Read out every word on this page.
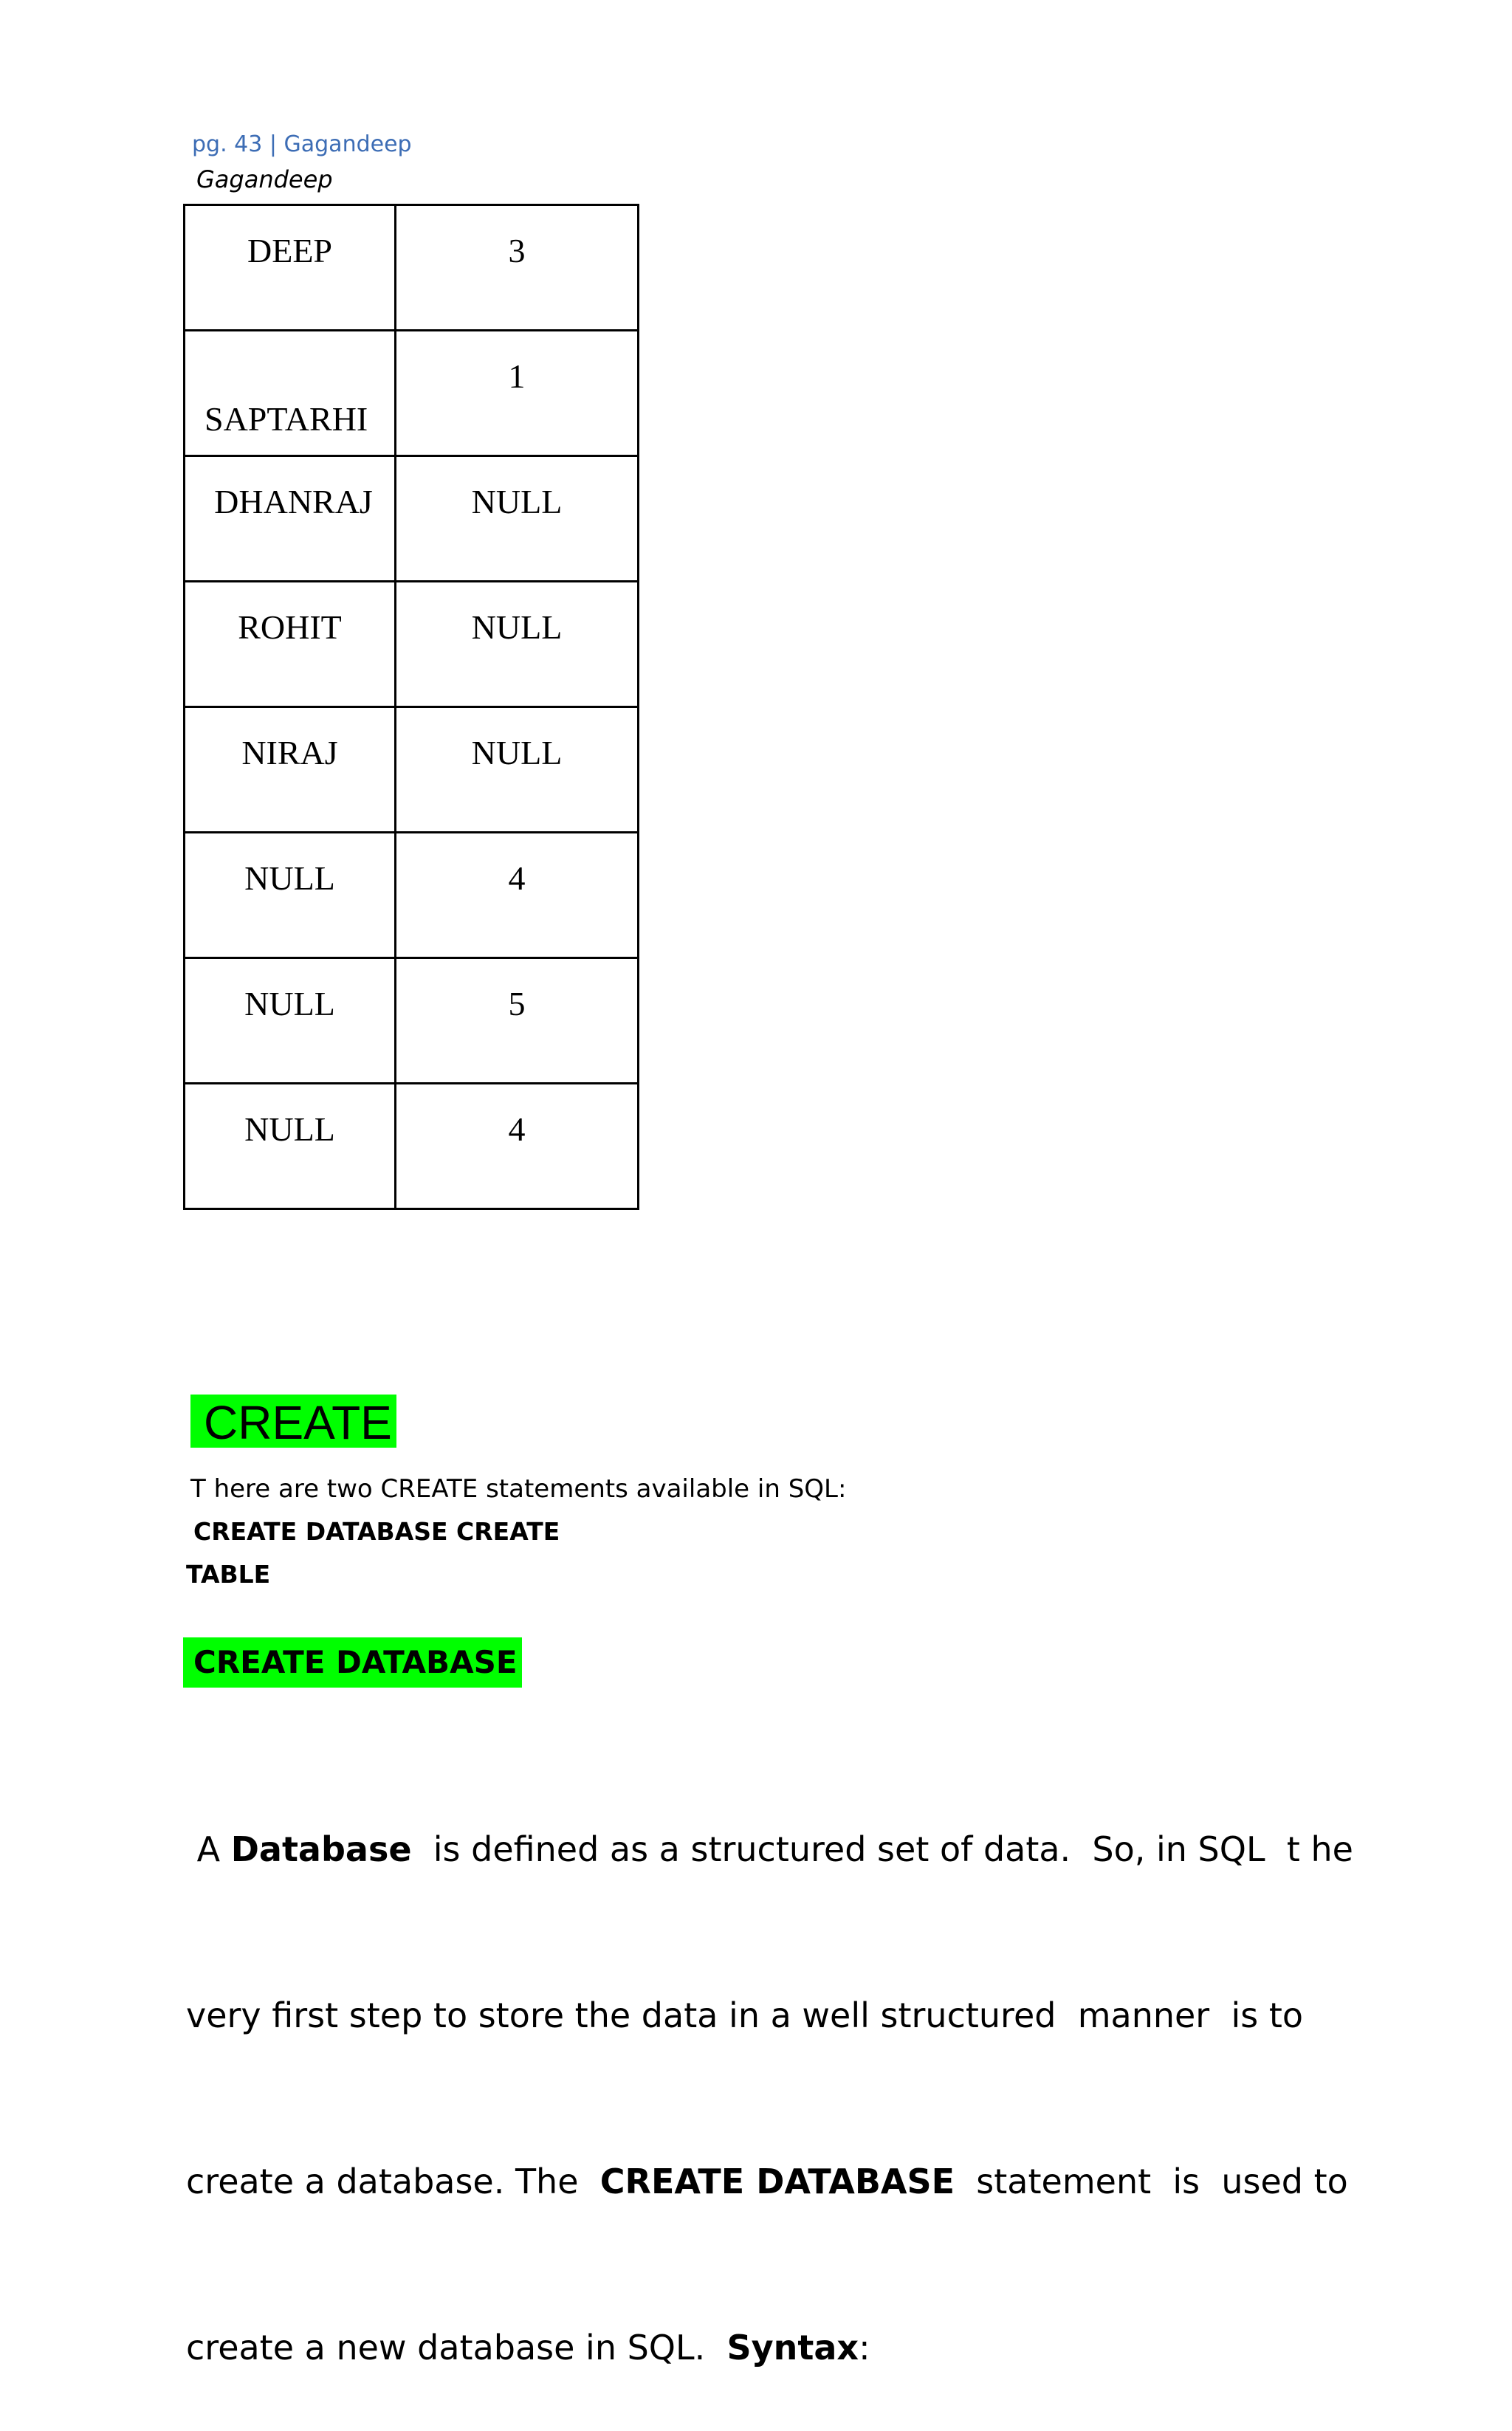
pg. 43 | Gagandeep
Gagandeep
DEEP	3

SAPTARHI	1

DHANRAJ	NULL

ROHIT	NULL

NIRAJ	NULL

NULL	4

NULL	5

NULL	4
CREATE
T here are two CREATE statements available in SQL:
CREATE DATABASE CREATE
TABLE
CREATE DATABASE

A Database  is defined as a structured set of data.  So, in SQL  t he

very first step to store the data in a well structured  manner  is to

create a database. The  CREATE DATABASE  statement  is  used to

create a new database in SQL.  Syntax:
